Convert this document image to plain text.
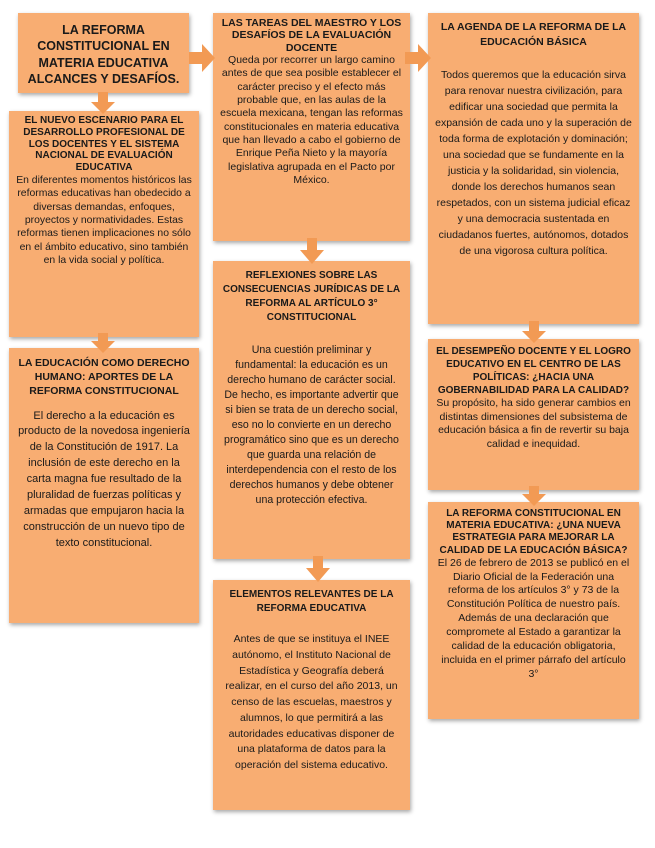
LA REFORMA CONSTITUCIONAL EN MATERIA EDUCATIVA ALCANCES Y DESAFÍOS.
EL NUEVO ESCENARIO PARA EL DESARROLLO PROFESIONAL DE LOS DOCENTES Y EL SISTEMA NACIONAL DE EVALUACIÓN EDUCATIVA
En diferentes momentos históricos las reformas educativas han obedecido a diversas demandas, enfoques, proyectos y normatividades. Estas reformas tienen implicaciones no sólo en el ámbito educativo, sino también en la vida social y política.
LA EDUCACIÓN COMO DERECHO HUMANO: APORTES DE LA REFORMA CONSTITUCIONAL
El derecho a la educación es producto de la novedosa ingeniería de la Constitución de 1917. La inclusión de este derecho en la carta magna fue resultado de la pluralidad de fuerzas políticas y armadas que empujaron hacia la construcción de un nuevo tipo de texto constitucional.
LAS TAREAS DEL MAESTRO Y LOS DESAFÍOS DE LA EVALUACIÓN DOCENTE
Queda por recorrer un largo camino antes de que sea posible establecer el carácter preciso y el efecto más probable que, en las aulas de la escuela mexicana, tengan las reformas constitucionales en materia educativa que han llevado a cabo el gobierno de Enrique Peña Nieto y la mayoría legislativa agrupada en el Pacto por México.
REFLEXIONES SOBRE LAS CONSECUENCIAS JURÍDICAS DE LA REFORMA AL ARTÍCULO 3° CONSTITUCIONAL
Una cuestión preliminar y fundamental: la educación es un derecho humano de carácter social. De hecho, es importante advertir que si bien se trata de un derecho social, eso no lo convierte en un derecho programático sino que es un derecho que guarda una relación de interdependencia con el resto de los derechos humanos y debe obtener una protección efectiva.
ELEMENTOS RELEVANTES DE LA REFORMA EDUCATIVA
Antes de que se instituya el INEE autónomo, el Instituto Nacional de Estadística y Geografía deberá realizar, en el curso del año 2013, un censo de las escuelas, maestros y alumnos, lo que permitirá a las autoridades educativas disponer de una plataforma de datos para la operación del sistema educativo.
LA AGENDA DE LA REFORMA DE LA EDUCACIÓN BÁSICA
Todos queremos que la educación sirva para renovar nuestra civilización, para edificar una sociedad que permita la expansión de cada uno y la superación de toda forma de explotación y dominación; una sociedad que se fundamente en la justicia y la solidaridad, sin violencia, donde los derechos humanos sean respetados, con un sistema judicial eficaz y una democracia sustentada en ciudadanos fuertes, autónomos, dotados de una vigorosa cultura política.
EL DESEMPEÑO DOCENTE Y EL LOGRO EDUCATIVO EN EL CENTRO DE LAS POLÍTICAS: ¿HACIA UNA GOBERNABILIDAD PARA LA CALIDAD?
Su propósito, ha sido generar cambios en distintas dimensiones del subsistema de educación básica a fin de revertir su baja calidad e inequidad.
LA REFORMA CONSTITUCIONAL EN MATERIA EDUCATIVA: ¿UNA NUEVA ESTRATEGIA PARA MEJORAR LA CALIDAD DE LA EDUCACIÓN BÁSICA?
El 26 de febrero de 2013 se publicó en el Diario Oficial de la Federación una reforma de los artículos 3° y 73 de la Constitución Política de nuestro país. Además de una declaración que compromete al Estado a garantizar la calidad de la educación obligatoria, incluida en el primer párrafo del artículo 3°
